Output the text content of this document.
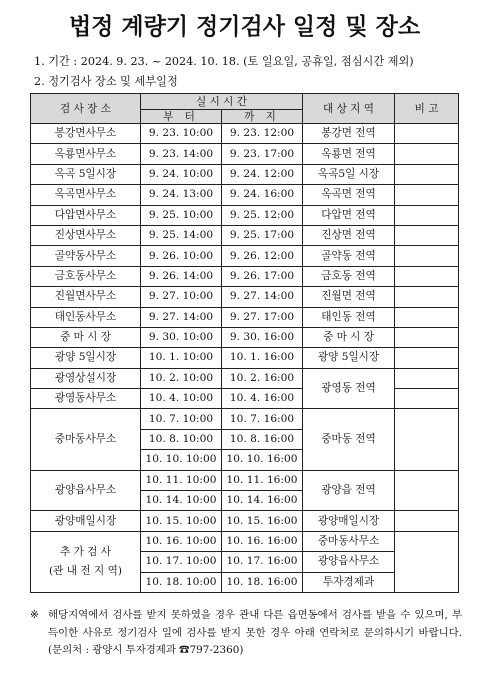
법정 계량기 정기검사 일정 및 장소
1. 기간 : 2024. 9. 23. ~ 2024. 10. 18. (토 일요일, 공휴일, 점심시간 제외)
2. 정기검사 장소 및 세부일정
검 사 장 소	실 시 시 간		대 상 지 역	비 고
	부 터	까 지		
봉강면사무소	9. 23. 10:00	9. 23. 12:00	봉강면 전역	
옥룡면사무소	9. 23. 14:00	9. 23. 17:00	옥룡면 전역	
옥곡 5일시장	9. 24. 10:00	9. 24. 12:00	옥곡5일 시장	
옥곡면사무소	9. 24. 13:00	9. 24. 16:00	옥곡면 전역	
다압면사무소	9. 25. 10:00	9. 25. 12:00	다압면 전역	
진상면사무소	9. 25. 14:00	9. 25. 17:00	진상면 전역	
골약동사무소	9. 26. 10:00	9. 26. 12:00	골약동 전역	
금호동사무소	9. 26. 14:00	9. 26. 17:00	금호동 전역	
진월면사무소	9. 27. 10:00	9. 27. 14:00	진월면 전역	
태인동사무소	9. 27. 14:00	9. 27. 17:00	태인동 전역	
중 마 시 장	9. 30. 10:00	9. 30. 16:00	중 마 시 장	
광양 5일시장	10. 1. 10:00	10. 1. 16:00	광양 5일시장	
광영상설시장	10. 2. 10:00	10. 2. 16:00	광영동 전역	
광영동사무소	10. 4. 10:00	10. 4. 16:00		
중마동사무소	10. 7. 10:00	10. 7. 16:00	중마동 전역	
	10. 8. 10:00	10. 8. 16:00		
	10. 10. 10:00	10. 10. 16:00		
광양읍사무소	10. 11. 10:00	10. 11. 16:00	광양읍 전역	
	10. 14. 10:00	10. 14. 16:00		
광양매일시장	10. 15. 10:00	10. 15. 16:00	광양매일시장	

추 가 검 사
(관 내 전 지 역)	10. 16. 10:00	10. 16. 16:00	중마동사무소	
	10. 17. 10:00	10. 17. 16:00	광양읍사무소	
	10. 18. 10:00	10. 18. 16:00	투자경제과	
※ 해당지역에서 검사를 받지 못하였을 경우 관내 다른 읍면동에서 검사를 받을 수 있으며, 부득이한 사유로 정기검사 일에 검사를 받지 못한 경우 아래 연락처로 문의하시기 바랍니다.(문의처 : 광양시 투자경제과 ☎797-2360)
